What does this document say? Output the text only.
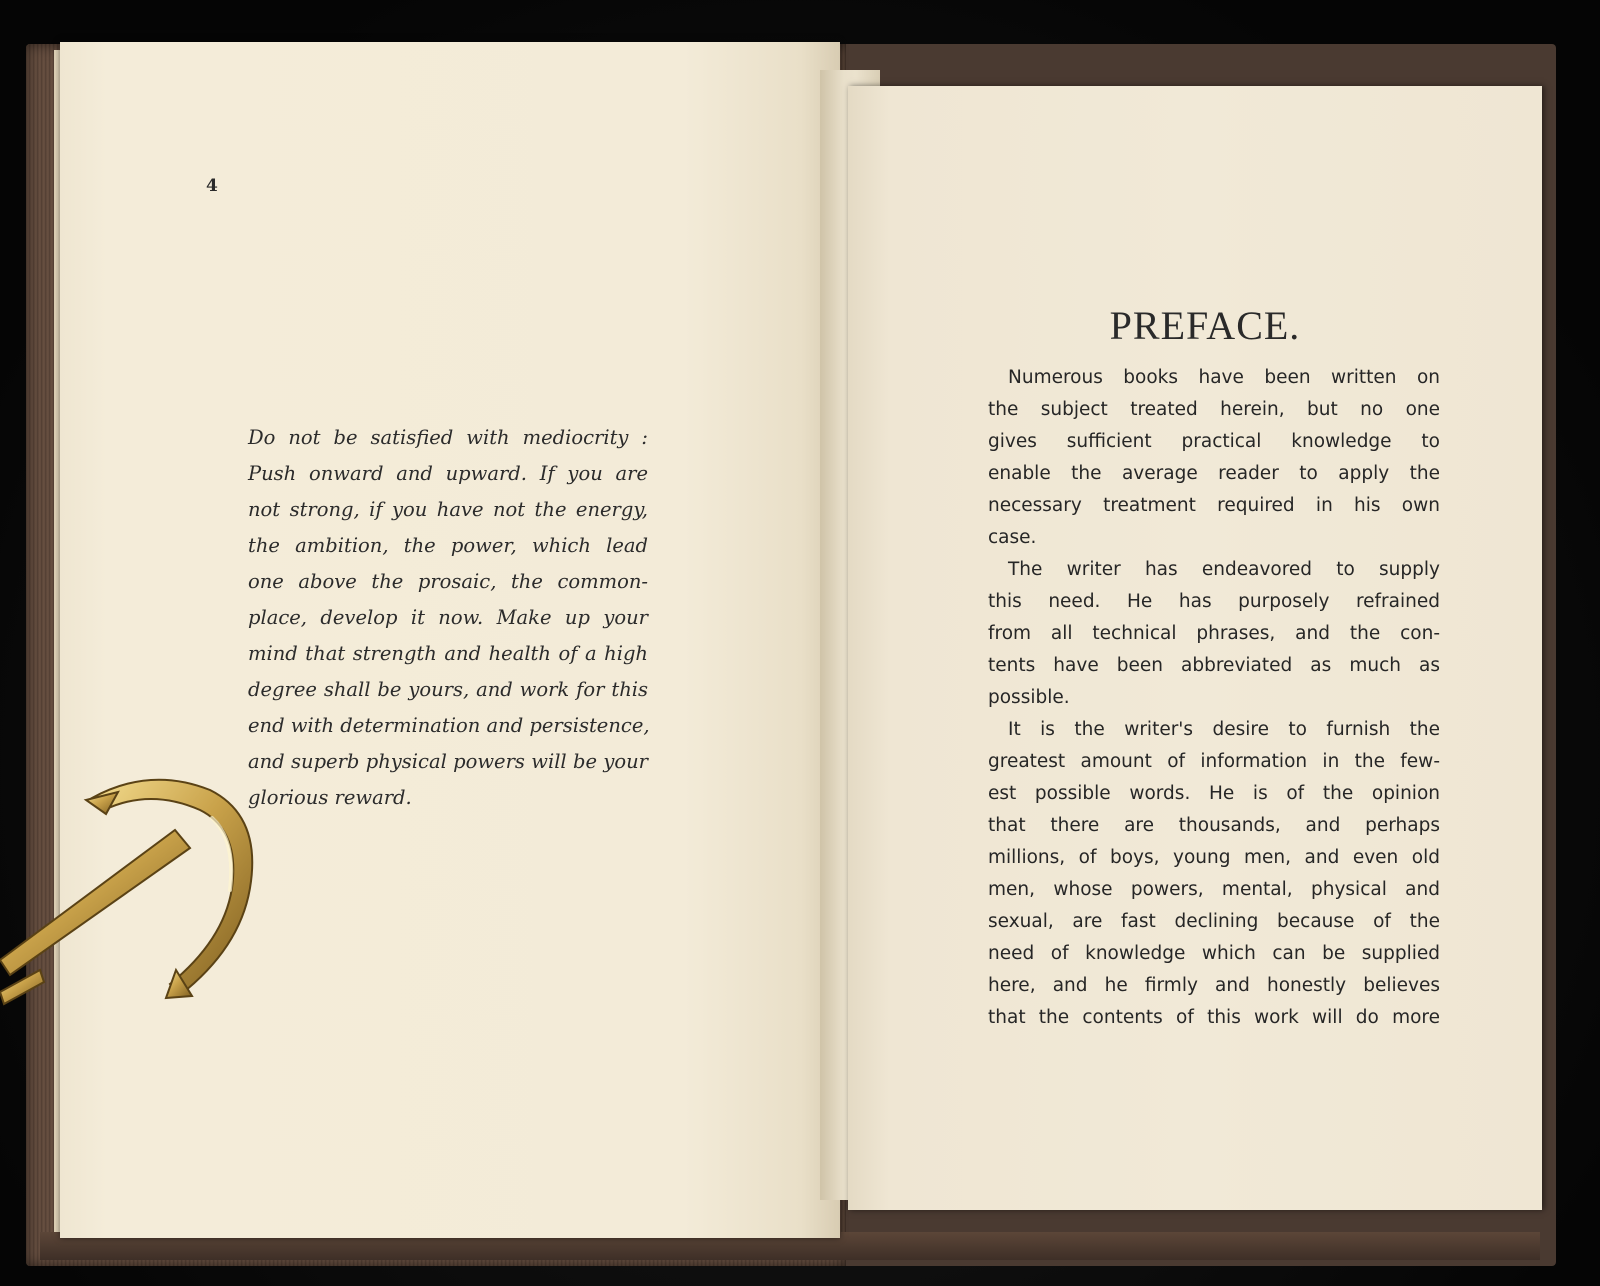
4
Do not be satisfied with mediocrity :
Push onward and upward. If you are
not strong, if you have not the energy,
the ambition, the power, which lead
one above the prosaic, the common-
place, develop it now. Make up your
mind that strength and health of a high
degree shall be yours, and work for this
end with determination and persistence,
and superb physical powers will be your
glorious reward.
PREFACE.
Numerous books have been written on
the subject treated herein, but no one
gives sufficient practical knowledge to
enable the average reader to apply the
necessary treatment required in his own
case.
The writer has endeavored to supply
this need. He has purposely refrained
from all technical phrases, and the con-
tents have been abbreviated as much as
possible.
It is the writer's desire to furnish the
greatest amount of information in the few-
est possible words. He is of the opinion
that there are thousands, and perhaps
millions, of boys, young men, and even old
men, whose powers, mental, physical and
sexual, are fast declining because of the
need of knowledge which can be supplied
here, and he firmly and honestly believes
that the contents of this work will do more
